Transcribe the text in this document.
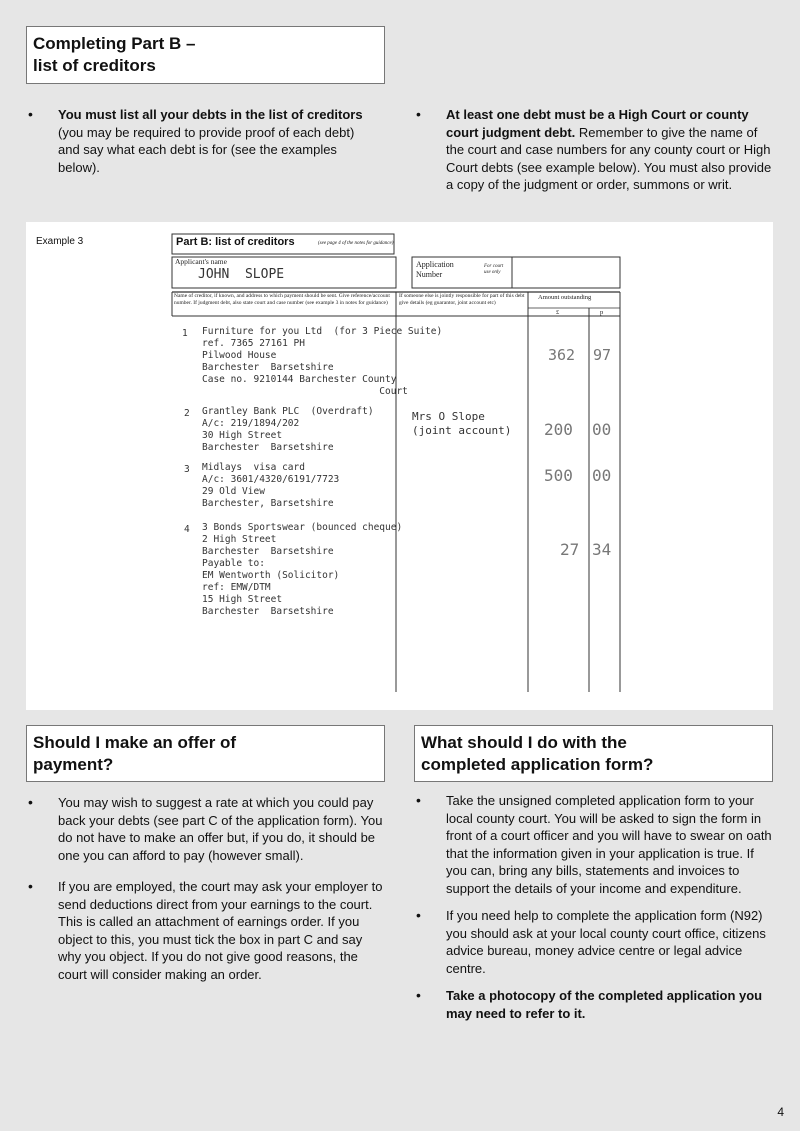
Completing Part B –
list of creditors
• You must list all your debts in the list of creditors (you may be required to provide proof of each debt) and say what each debt is for (see the examples below).
• At least one debt must be a High Court or county court judgment debt. Remember to give the name of the court and case numbers for any county court or High Court debts (see example below). You must also provide a copy of the judgment or order, summons or writ.
Example 3	Part B: list of creditors	(see page 4 of the notes for guidance)
Applicant's name
JOHN  SLOPE
Application
Number
For court
use only
Name of creditor, if known, and address to which payment should be sent. Give reference/account number. If judgment debt, also state court and case number (see example 3 in notes for guidance)
If someone else is jointly responsible for part of this debt give details (eg guarantor, joint account etc)
Amount outstanding
£	p
1 Furniture for you Ltd  (for 3 Piece Suite)
ref. 7365 27161 PH
Pilwood House
Barchester  Barsetshire
Case no. 9210144 Barchester County
Court
362 97
2 Grantley Bank PLC  (Overdraft)
A/c: 219/1894/202
30 High Street
Barchester  Barsetshire
Mrs O Slope
(joint account) 200 00
3 Midlays  visa card
A/c: 3601/4320/6191/7723
29 Old View
Barchester, Barsetshire
500 00
4 3 Bonds Sportswear (bounced cheque)
2 High Street
Barchester  Barsetshire
Payable to:
EM Wentworth (Solicitor)
ref: EMW/DTM
15 High Street
Barchester  Barsetshire
27 34
Should I make an offer of
payment?
• You may wish to suggest a rate at which you could pay back your debts (see part C of the application form). You do not have to make an offer but, if you do, it should be one you can afford to pay (however small).
• If you are employed, the court may ask your employer to send deductions direct from your earnings to the court. This is called an attachment of earnings order. If you object to this, you must tick the box in part C and say why you object. If you do not give good reasons, the court will consider making an order.
What should I do with the
completed application form?
• Take the unsigned completed application form to your local county court. You will be asked to sign the form in front of a court officer and you will have to swear on oath that the information given in your application is true. If you can, bring any bills, statements and invoices to support the details of your income and expenditure.
• If you need help to complete the application form (N92) you should ask at your local county court office, citizens advice bureau, money advice centre or legal advice centre.
• Take a photocopy of the completed application you may need to refer to it.
4
